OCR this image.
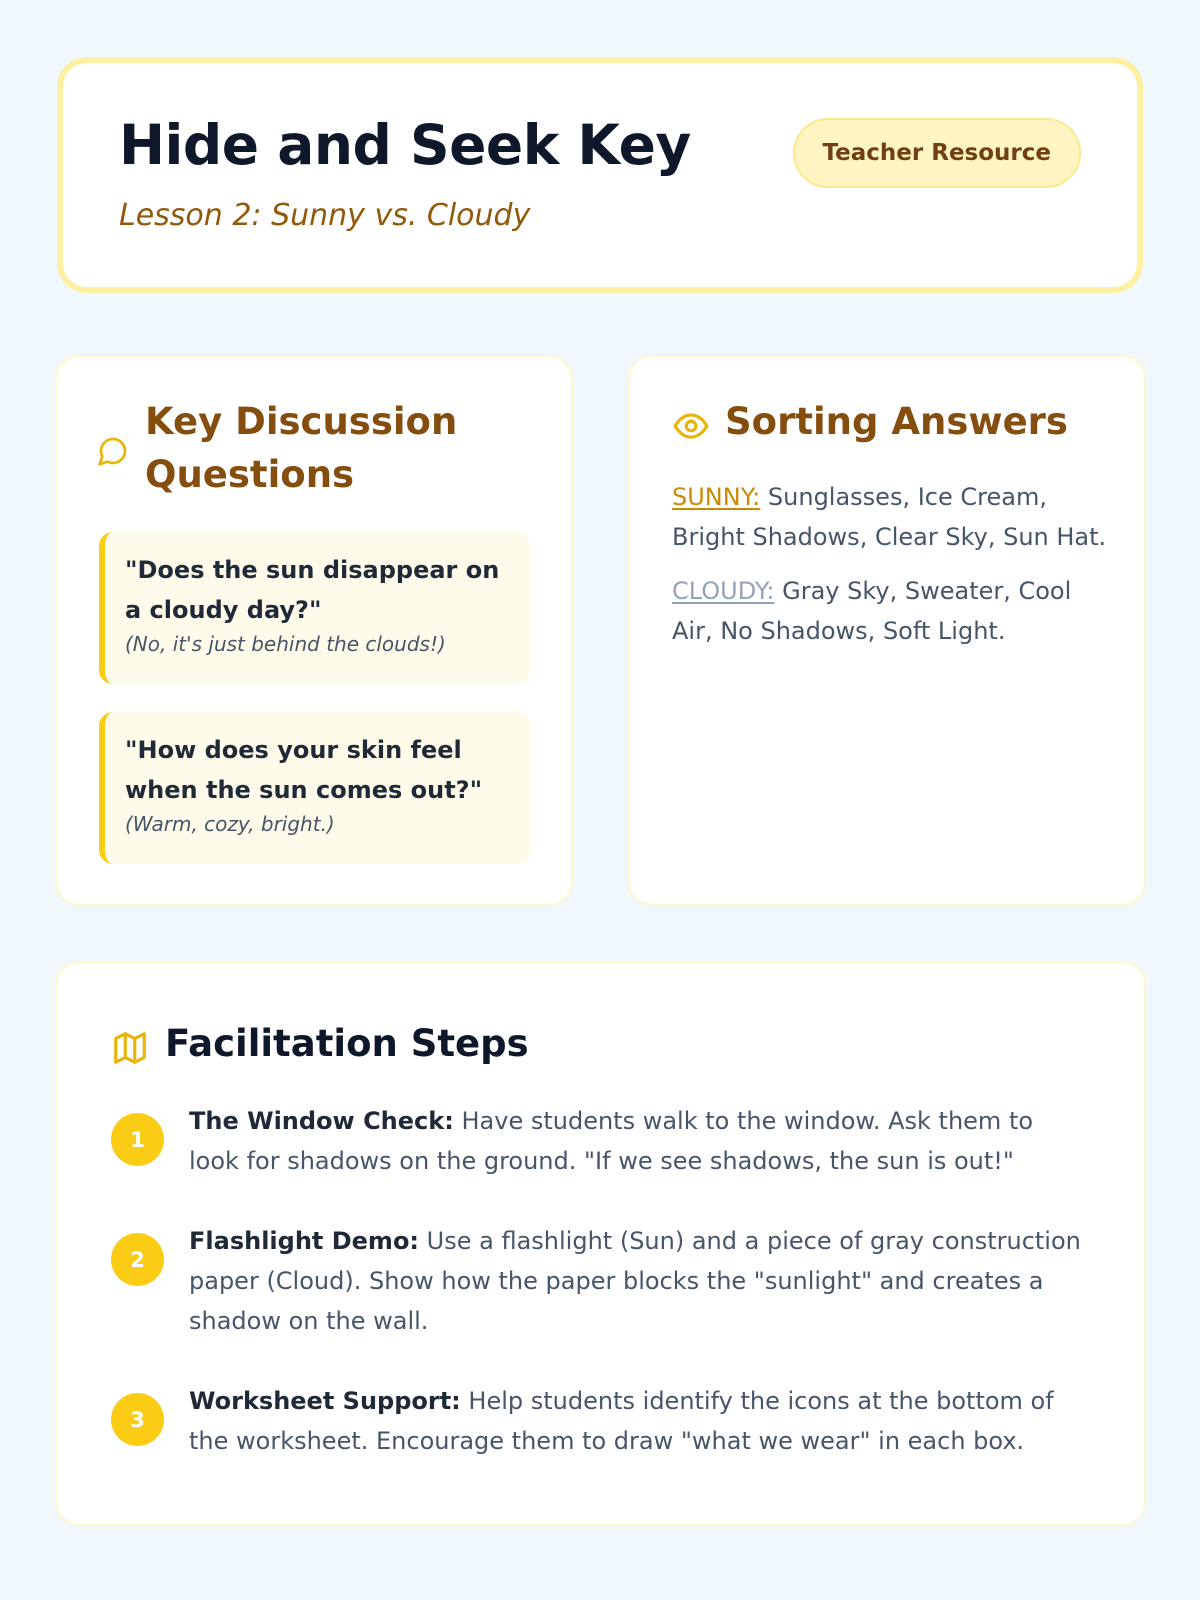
Hide and Seek Key
Lesson 2: Sunny vs. Cloudy
Teacher Resource
Key Discussion Questions
"Does the sun disappear on a cloudy day?"
(No, it's just behind the clouds!)
"How does your skin feel when the sun comes out?"
(Warm, cozy, bright.)
Sorting Answers
SUNNY: Sunglasses, Ice Cream, Bright Shadows, Clear Sky, Sun Hat.
CLOUDY: Gray Sky, Sweater, Cool Air, No Shadows, Soft Light.
Facilitation Steps
1
The Window Check: Have students walk to the window. Ask them to look for shadows on the ground. "If we see shadows, the sun is out!"
2
Flashlight Demo: Use a flashlight (Sun) and a piece of gray construction paper (Cloud). Show how the paper blocks the "sunlight" and creates a shadow on the wall.
3
Worksheet Support: Help students identify the icons at the bottom of the worksheet. Encourage them to draw "what we wear" in each box.
